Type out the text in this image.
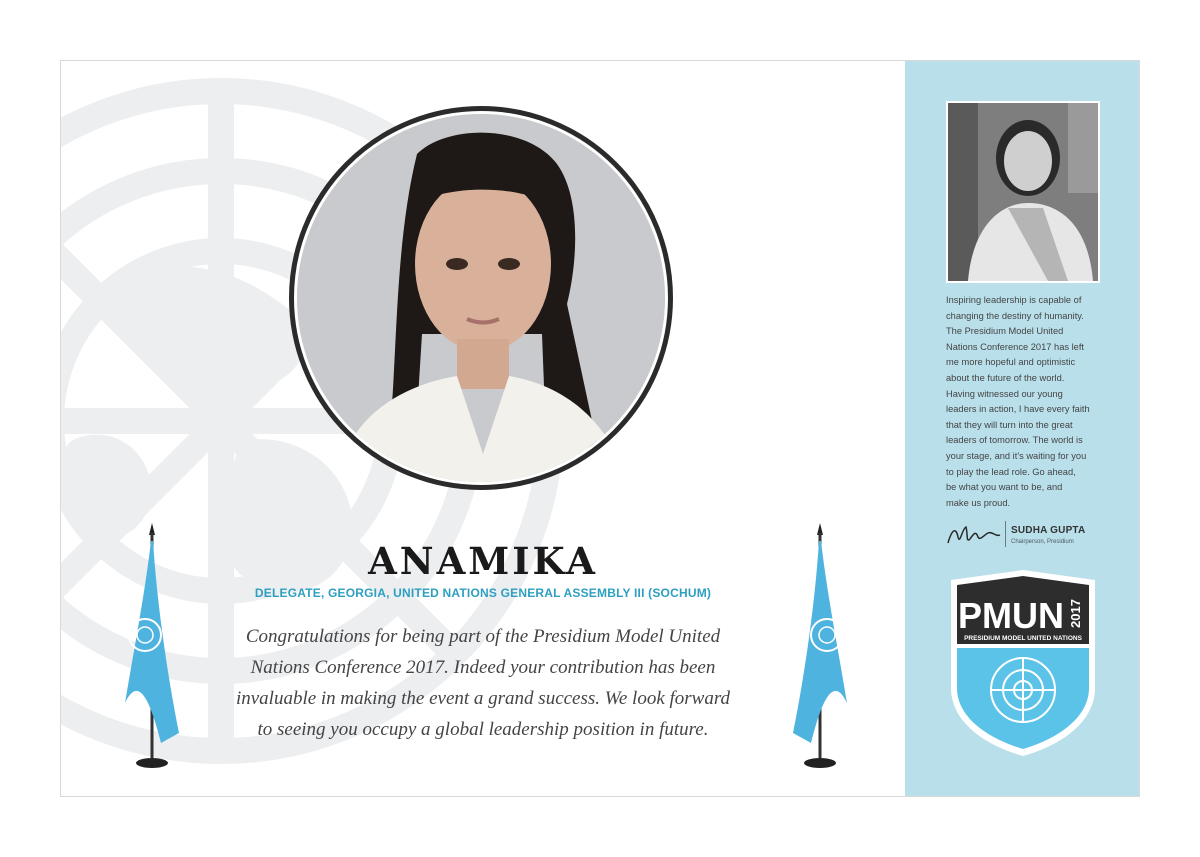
ANAMIKA

DELEGATE, GEORGIA, UNITED NATIONS GENERAL ASSEMBLY III (SOCHUM)

Congratulations for being part of the Presidium Model United
Nations Conference 2017. Indeed your contribution has been
invaluable in making the event a grand success. We look forward
to seeing you occupy a global leadership position in future.
Inspiring leadership is capable of
changing the destiny of humanity.
The Presidium Model United
Nations Conference 2017 has left
me more hopeful and optimistic
about the future of the world.
Having witnessed our young
leaders in action, I have every faith
that they will turn into the great
leaders of tomorrow. The world is
your stage, and it's waiting for you
to play the lead role. Go ahead,
be what you want to be, and
make us proud.
SUDHA GUPTA
Chairperson, Presidium
PMUN 2017
PRESIDIUM MODEL UNITED NATIONS
